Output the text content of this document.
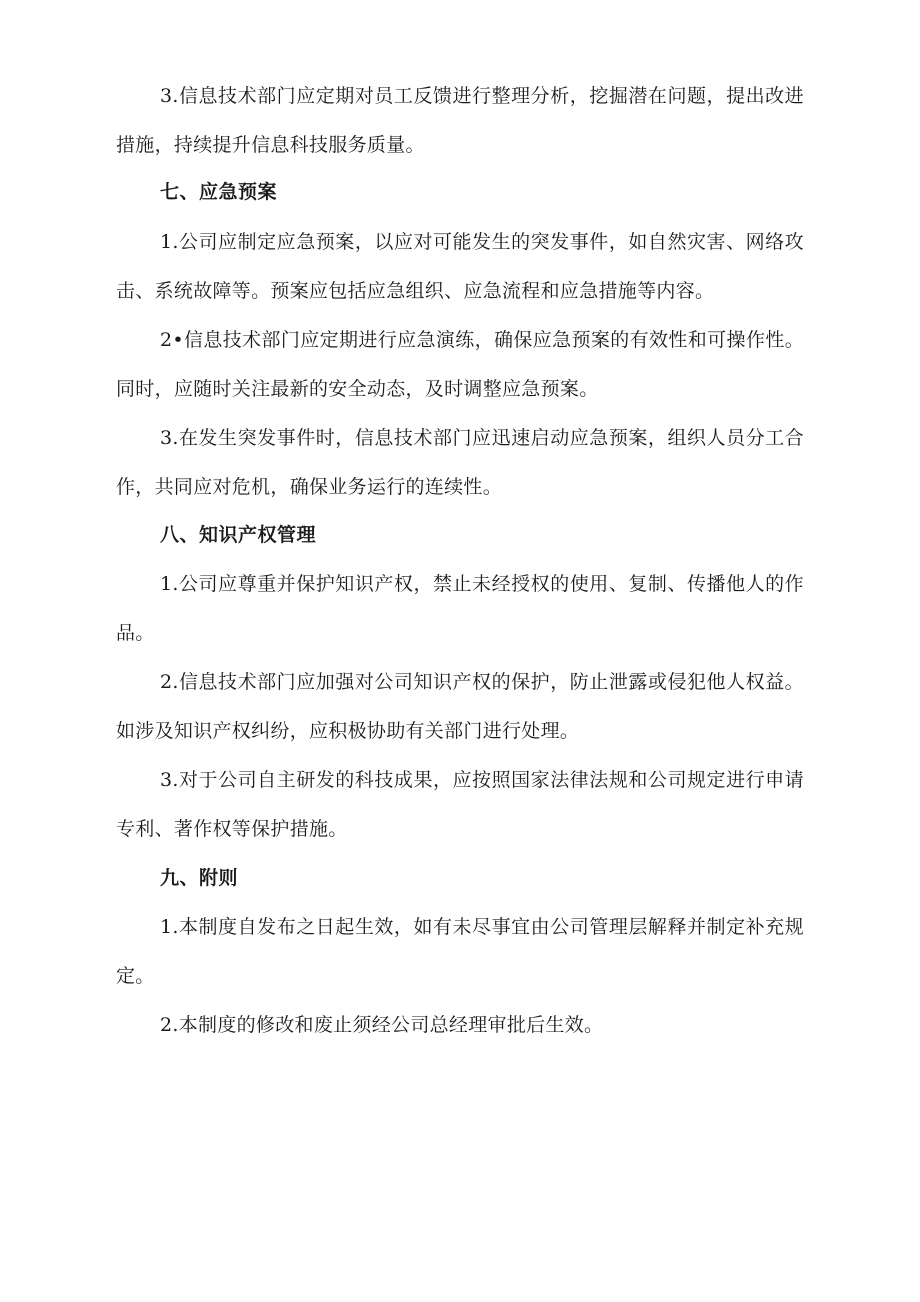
3.信息技术部门应定期对员工反馈进行整理分析，挖掘潜在问题，提出改进措施，持续提升信息科技服务质量。

七、应急预案

1.公司应制定应急预案，以应对可能发生的突发事件，如自然灾害、网络攻击、系统故障等。预案应包括应急组织、应急流程和应急措施等内容。

2•信息技术部门应定期进行应急演练，确保应急预案的有效性和可操作性。同时，应随时关注最新的安全动态，及时调整应急预案。

3.在发生突发事件时，信息技术部门应迅速启动应急预案，组织人员分工合作，共同应对危机，确保业务运行的连续性。

八、知识产权管理

1.公司应尊重并保护知识产权，禁止未经授权的使用、复制、传播他人的作品。

2.信息技术部门应加强对公司知识产权的保护，防止泄露或侵犯他人权益。如涉及知识产权纠纷，应积极协助有关部门进行处理。

3.对于公司自主研发的科技成果，应按照国家法律法规和公司规定进行申请专利、著作权等保护措施。

九、附则

1.本制度自发布之日起生效，如有未尽事宜由公司管理层解释并制定补充规定。

2.本制度的修改和废止须经公司总经理审批后生效。
